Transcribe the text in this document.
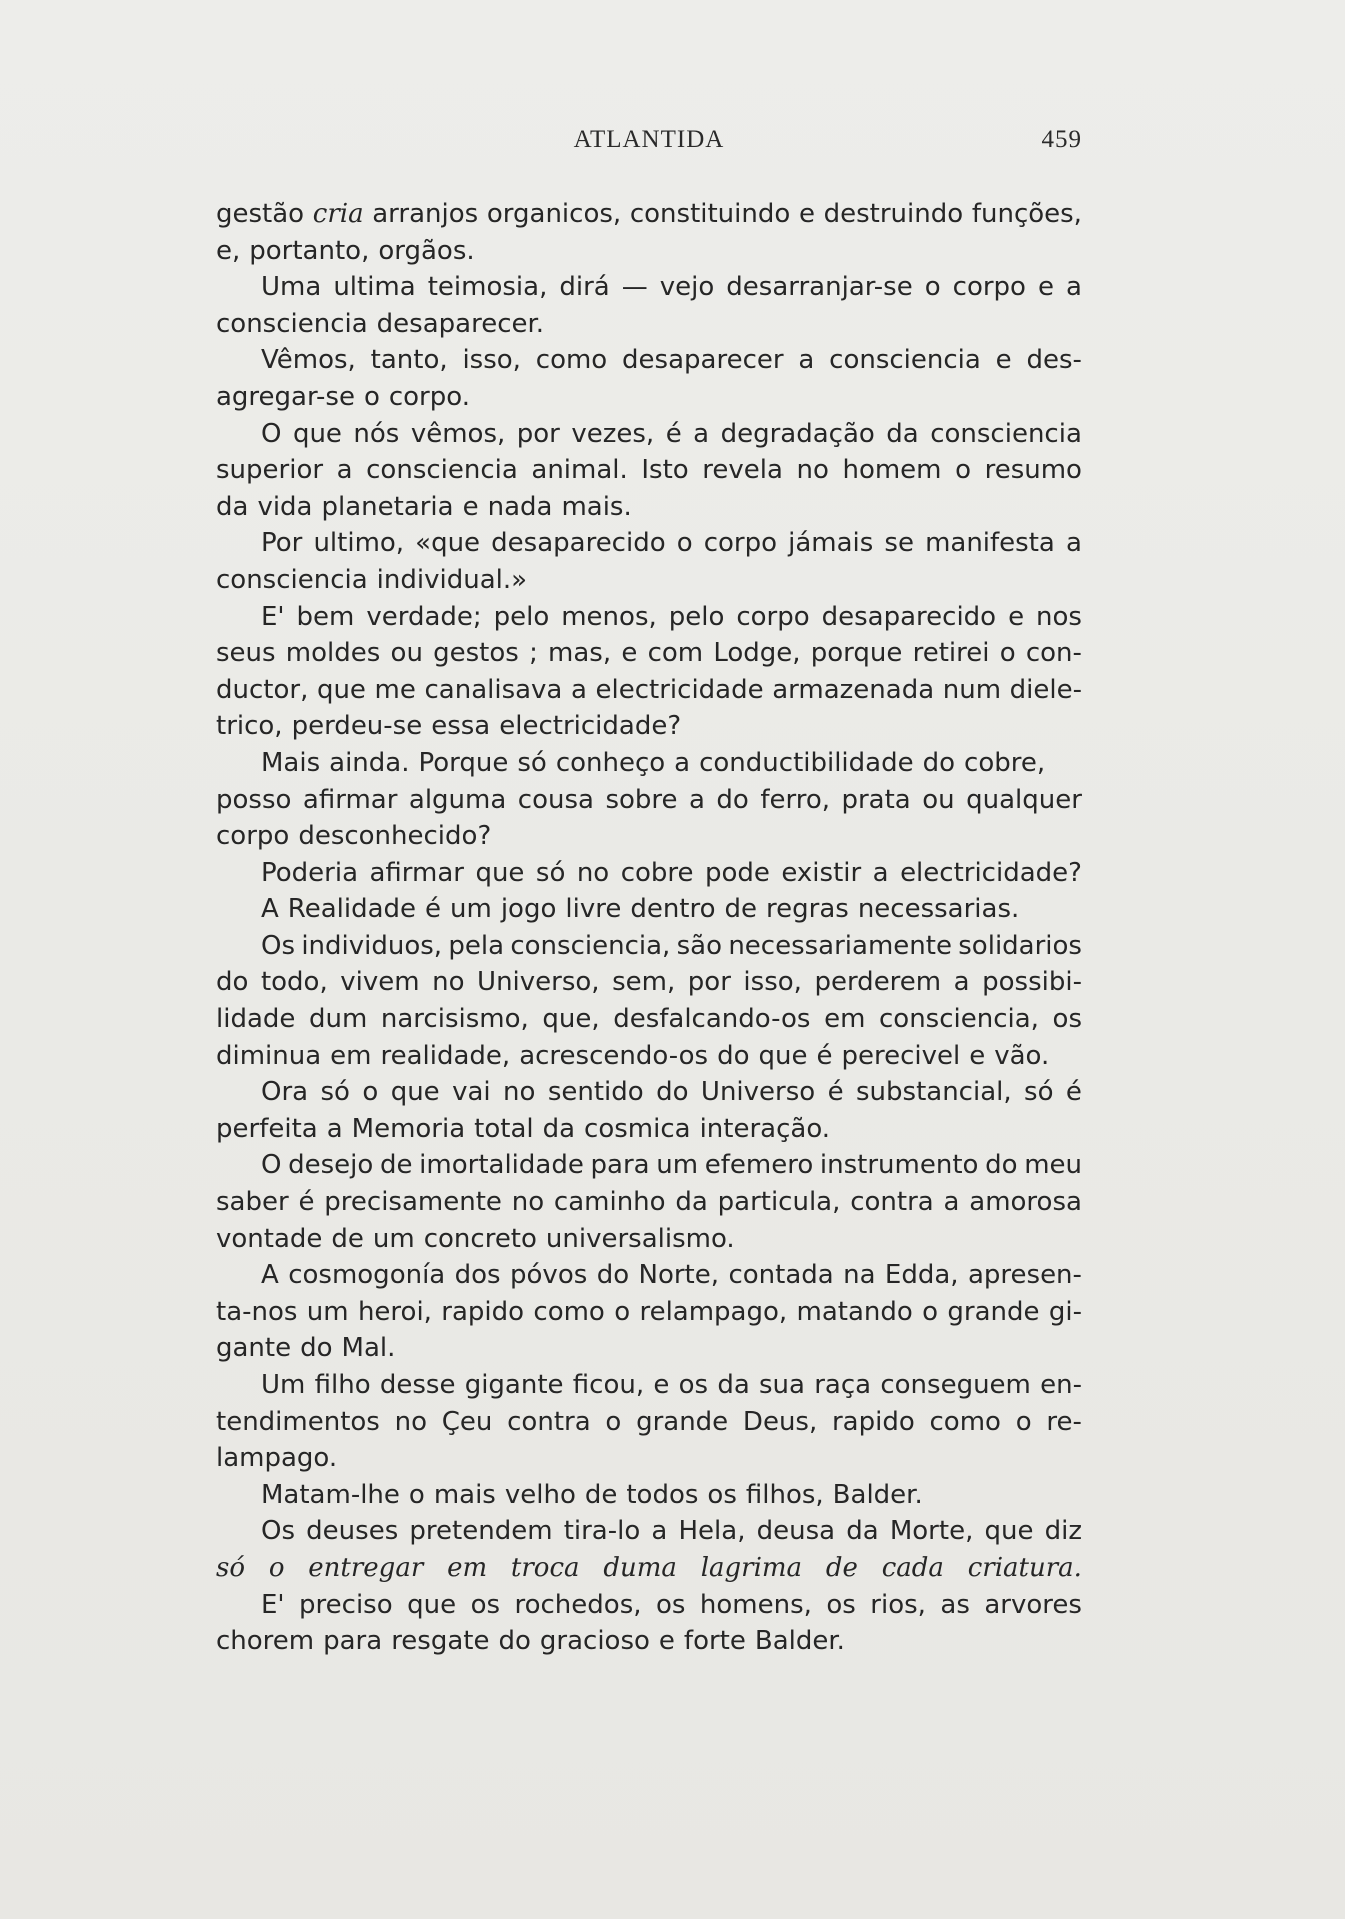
ATLANTIDA	459
gestão cria arranjos organicos, constituindo e destruindo funções,
e, portanto, orgãos.
Uma ultima teimosia, dirá — vejo desarranjar-se o corpo e a
consciencia desaparecer.
Vêmos, tanto, isso, como desaparecer a consciencia e des-
agregar-se o corpo.
O que nós vêmos, por vezes, é a degradação da consciencia
superior a consciencia animal. Isto revela no homem o resumo
da vida planetaria e nada mais.
Por ultimo, «que desaparecido o corpo jámais se manifesta a
consciencia individual.»
E' bem verdade; pelo menos, pelo corpo desaparecido e nos
seus moldes ou gestos ; mas, e com Lodge, porque retirei o con-
ductor, que me canalisava a electricidade armazenada num diele-
trico, perdeu-se essa electricidade?
Mais ainda. Porque só conheço a conductibilidade do cobre,
posso afirmar alguma cousa sobre a do ferro, prata ou qualquer
corpo desconhecido?
Poderia afirmar que só no cobre pode existir a electricidade?
A Realidade é um jogo livre dentro de regras necessarias.
Os individuos, pela consciencia, são necessariamente solidarios
do todo, vivem no Universo, sem, por isso, perderem a possibi-
lidade dum narcisismo, que, desfalcando-os em consciencia, os
diminua em realidade, acrescendo-os do que é perecivel e vão.
Ora só o que vai no sentido do Universo é substancial, só é
perfeita a Memoria total da cosmica interação.
O desejo de imortalidade para um efemero instrumento do meu
saber é precisamente no caminho da particula, contra a amorosa
vontade de um concreto universalismo.
A cosmogonía dos póvos do Norte, contada na Edda, apresen-
ta-nos um heroi, rapido como o relampago, matando o grande gi-
gante do Mal.
Um filho desse gigante ficou, e os da sua raça conseguem en-
tendimentos no Çeu contra o grande Deus, rapido como o re-
lampago.
Matam-lhe o mais velho de todos os filhos, Balder.
Os deuses pretendem tira-lo a Hela, deusa da Morte, que diz
só o entregar em troca duma lagrima de cada criatura.
E' preciso que os rochedos, os homens, os rios, as arvores
chorem para resgate do gracioso e forte Balder.
